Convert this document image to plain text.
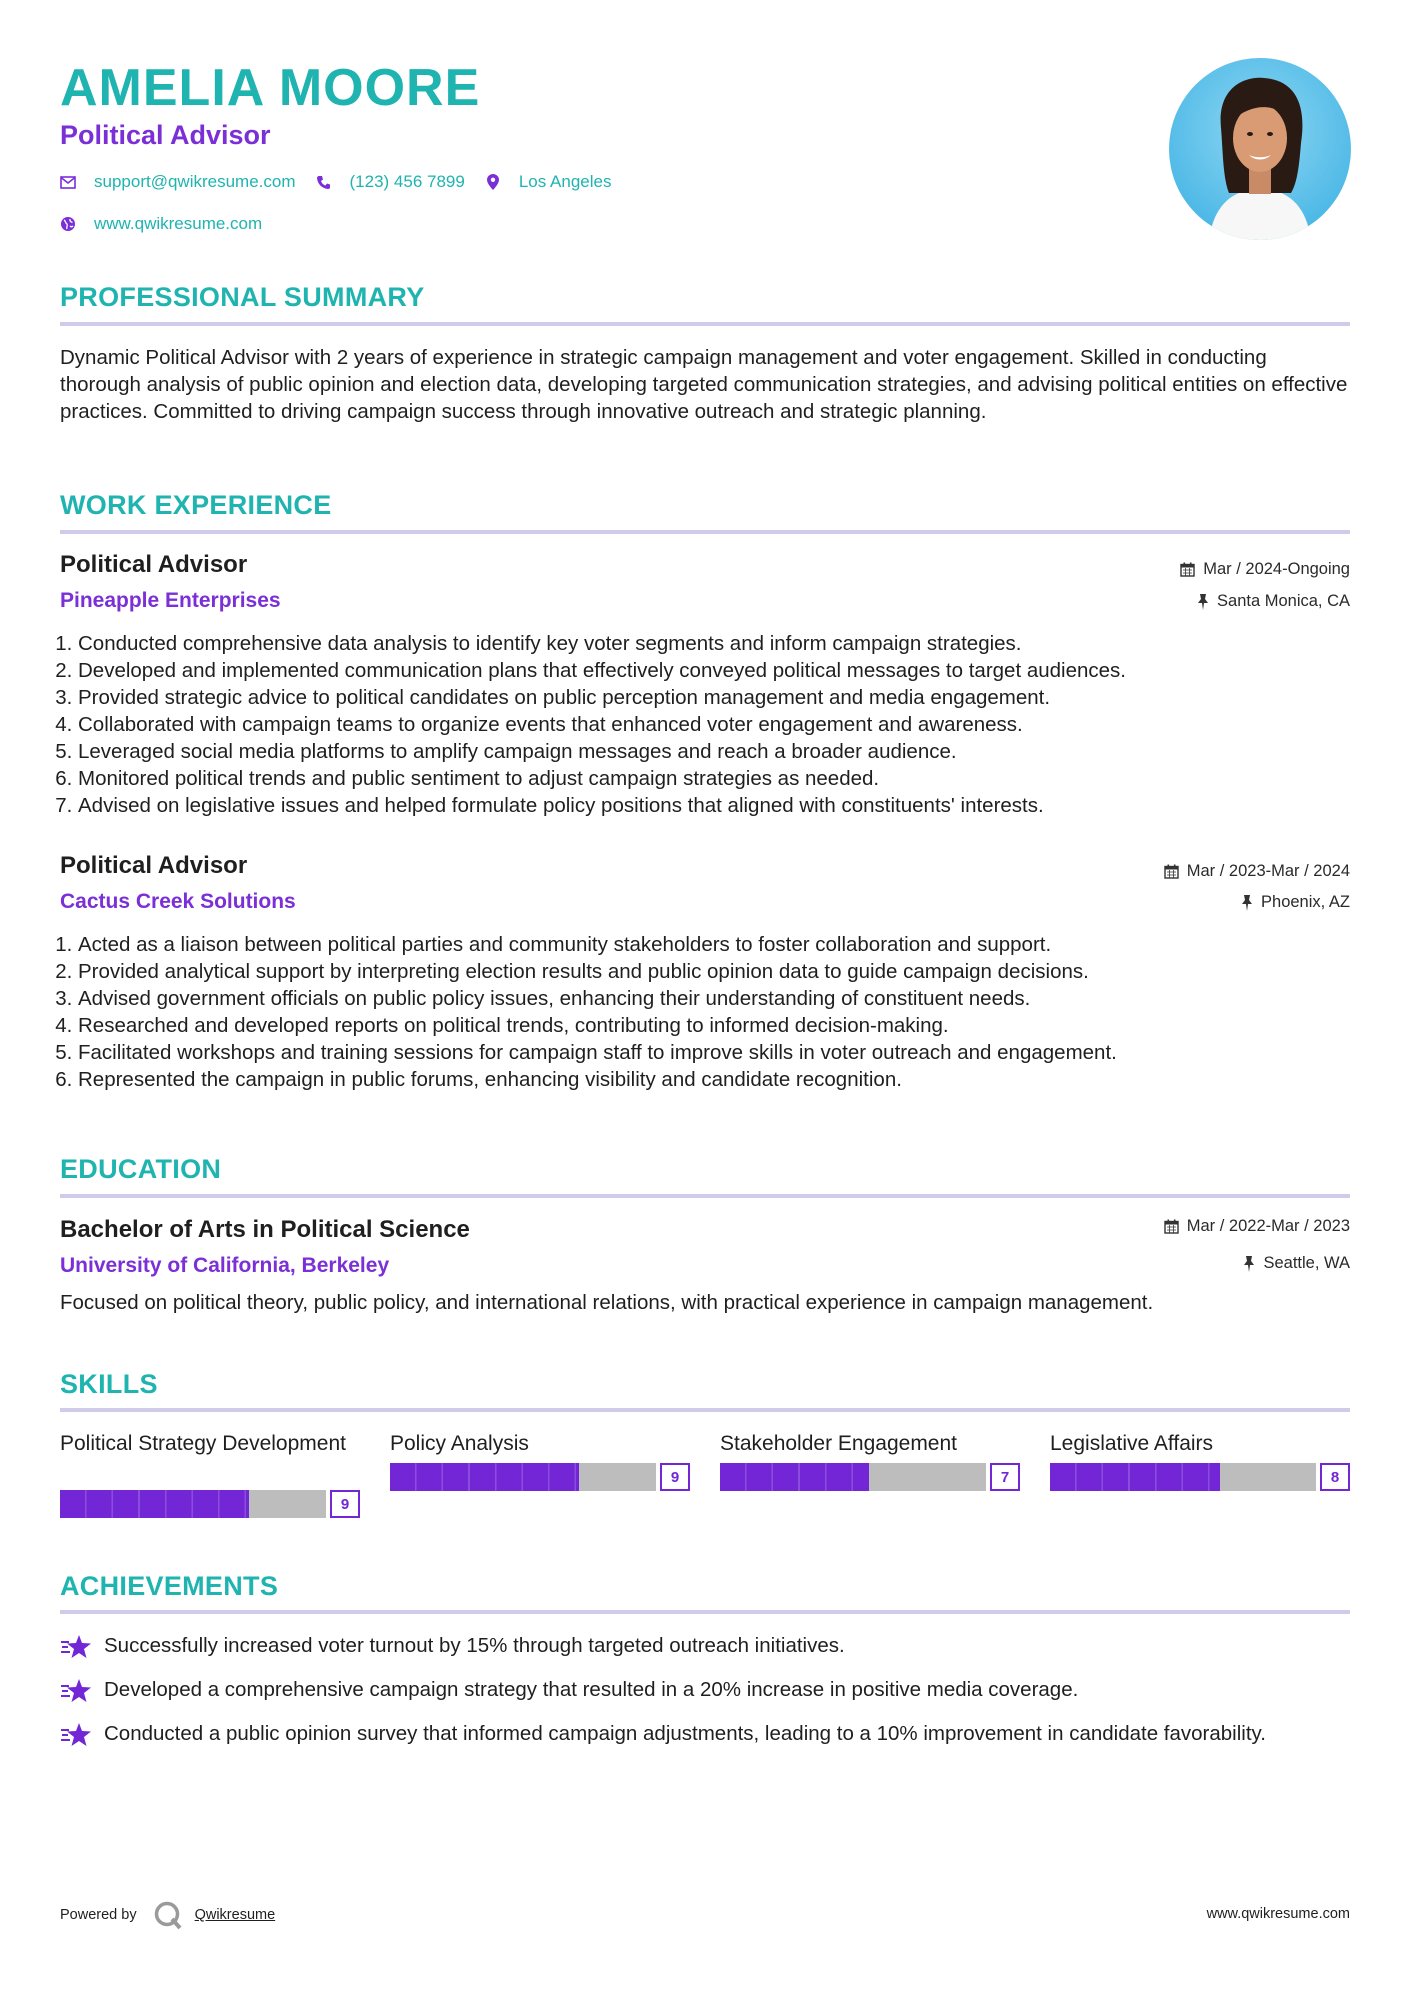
AMELIA MOORE
Political Advisor
support@qwikresume.com	(123) 456 7899	Los Angeles
www.qwikresume.com
PROFESSIONAL SUMMARY

Dynamic Political Advisor with 2 years of experience in strategic campaign management and voter engagement. Skilled in conducting thorough analysis of public opinion and election data, developing targeted communication strategies, and advising political entities on effective practices. Committed to driving campaign success through innovative outreach and strategic planning.

WORK EXPERIENCE
Political Advisor	Mar / 2024-Ongoing
Pineapple Enterprises	Santa Monica, CA
1. Conducted comprehensive data analysis to identify key voter segments and inform campaign strategies.
2. Developed and implemented communication plans that effectively conveyed political messages to target audiences.
3. Provided strategic advice to political candidates on public perception management and media engagement.
4. Collaborated with campaign teams to organize events that enhanced voter engagement and awareness.
5. Leveraged social media platforms to amplify campaign messages and reach a broader audience.
6. Monitored political trends and public sentiment to adjust campaign strategies as needed.
7. Advised on legislative issues and helped formulate policy positions that aligned with constituents' interests.
Political Advisor	Mar / 2023-Mar / 2024
Cactus Creek Solutions	Phoenix, AZ
1. Acted as a liaison between political parties and community stakeholders to foster collaboration and support.
2. Provided analytical support by interpreting election results and public opinion data to guide campaign decisions.
3. Advised government officials on public policy issues, enhancing their understanding of constituent needs.
4. Researched and developed reports on political trends, contributing to informed decision-making.
5. Facilitated workshops and training sessions for campaign staff to improve skills in voter outreach and engagement.
6. Represented the campaign in public forums, enhancing visibility and candidate recognition.
EDUCATION
Bachelor of Arts in Political Science	Mar / 2022-Mar / 2023
University of California, Berkeley	Seattle, WA

Focused on political theory, public policy, and international relations, with practical experience in campaign management.

SKILLS
Political Strategy Development
9
Policy Analysis
9
Stakeholder Engagement
7
Legislative Affairs
8
ACHIEVEMENTS
Successfully increased voter turnout by 15% through targeted outreach initiatives.
Developed a comprehensive campaign strategy that resulted in a 20% increase in positive media coverage.
Conducted a public opinion survey that informed campaign adjustments, leading to a 10% improvement in candidate favorability.
Powered by	Qwikresume	www.qwikresume.com
